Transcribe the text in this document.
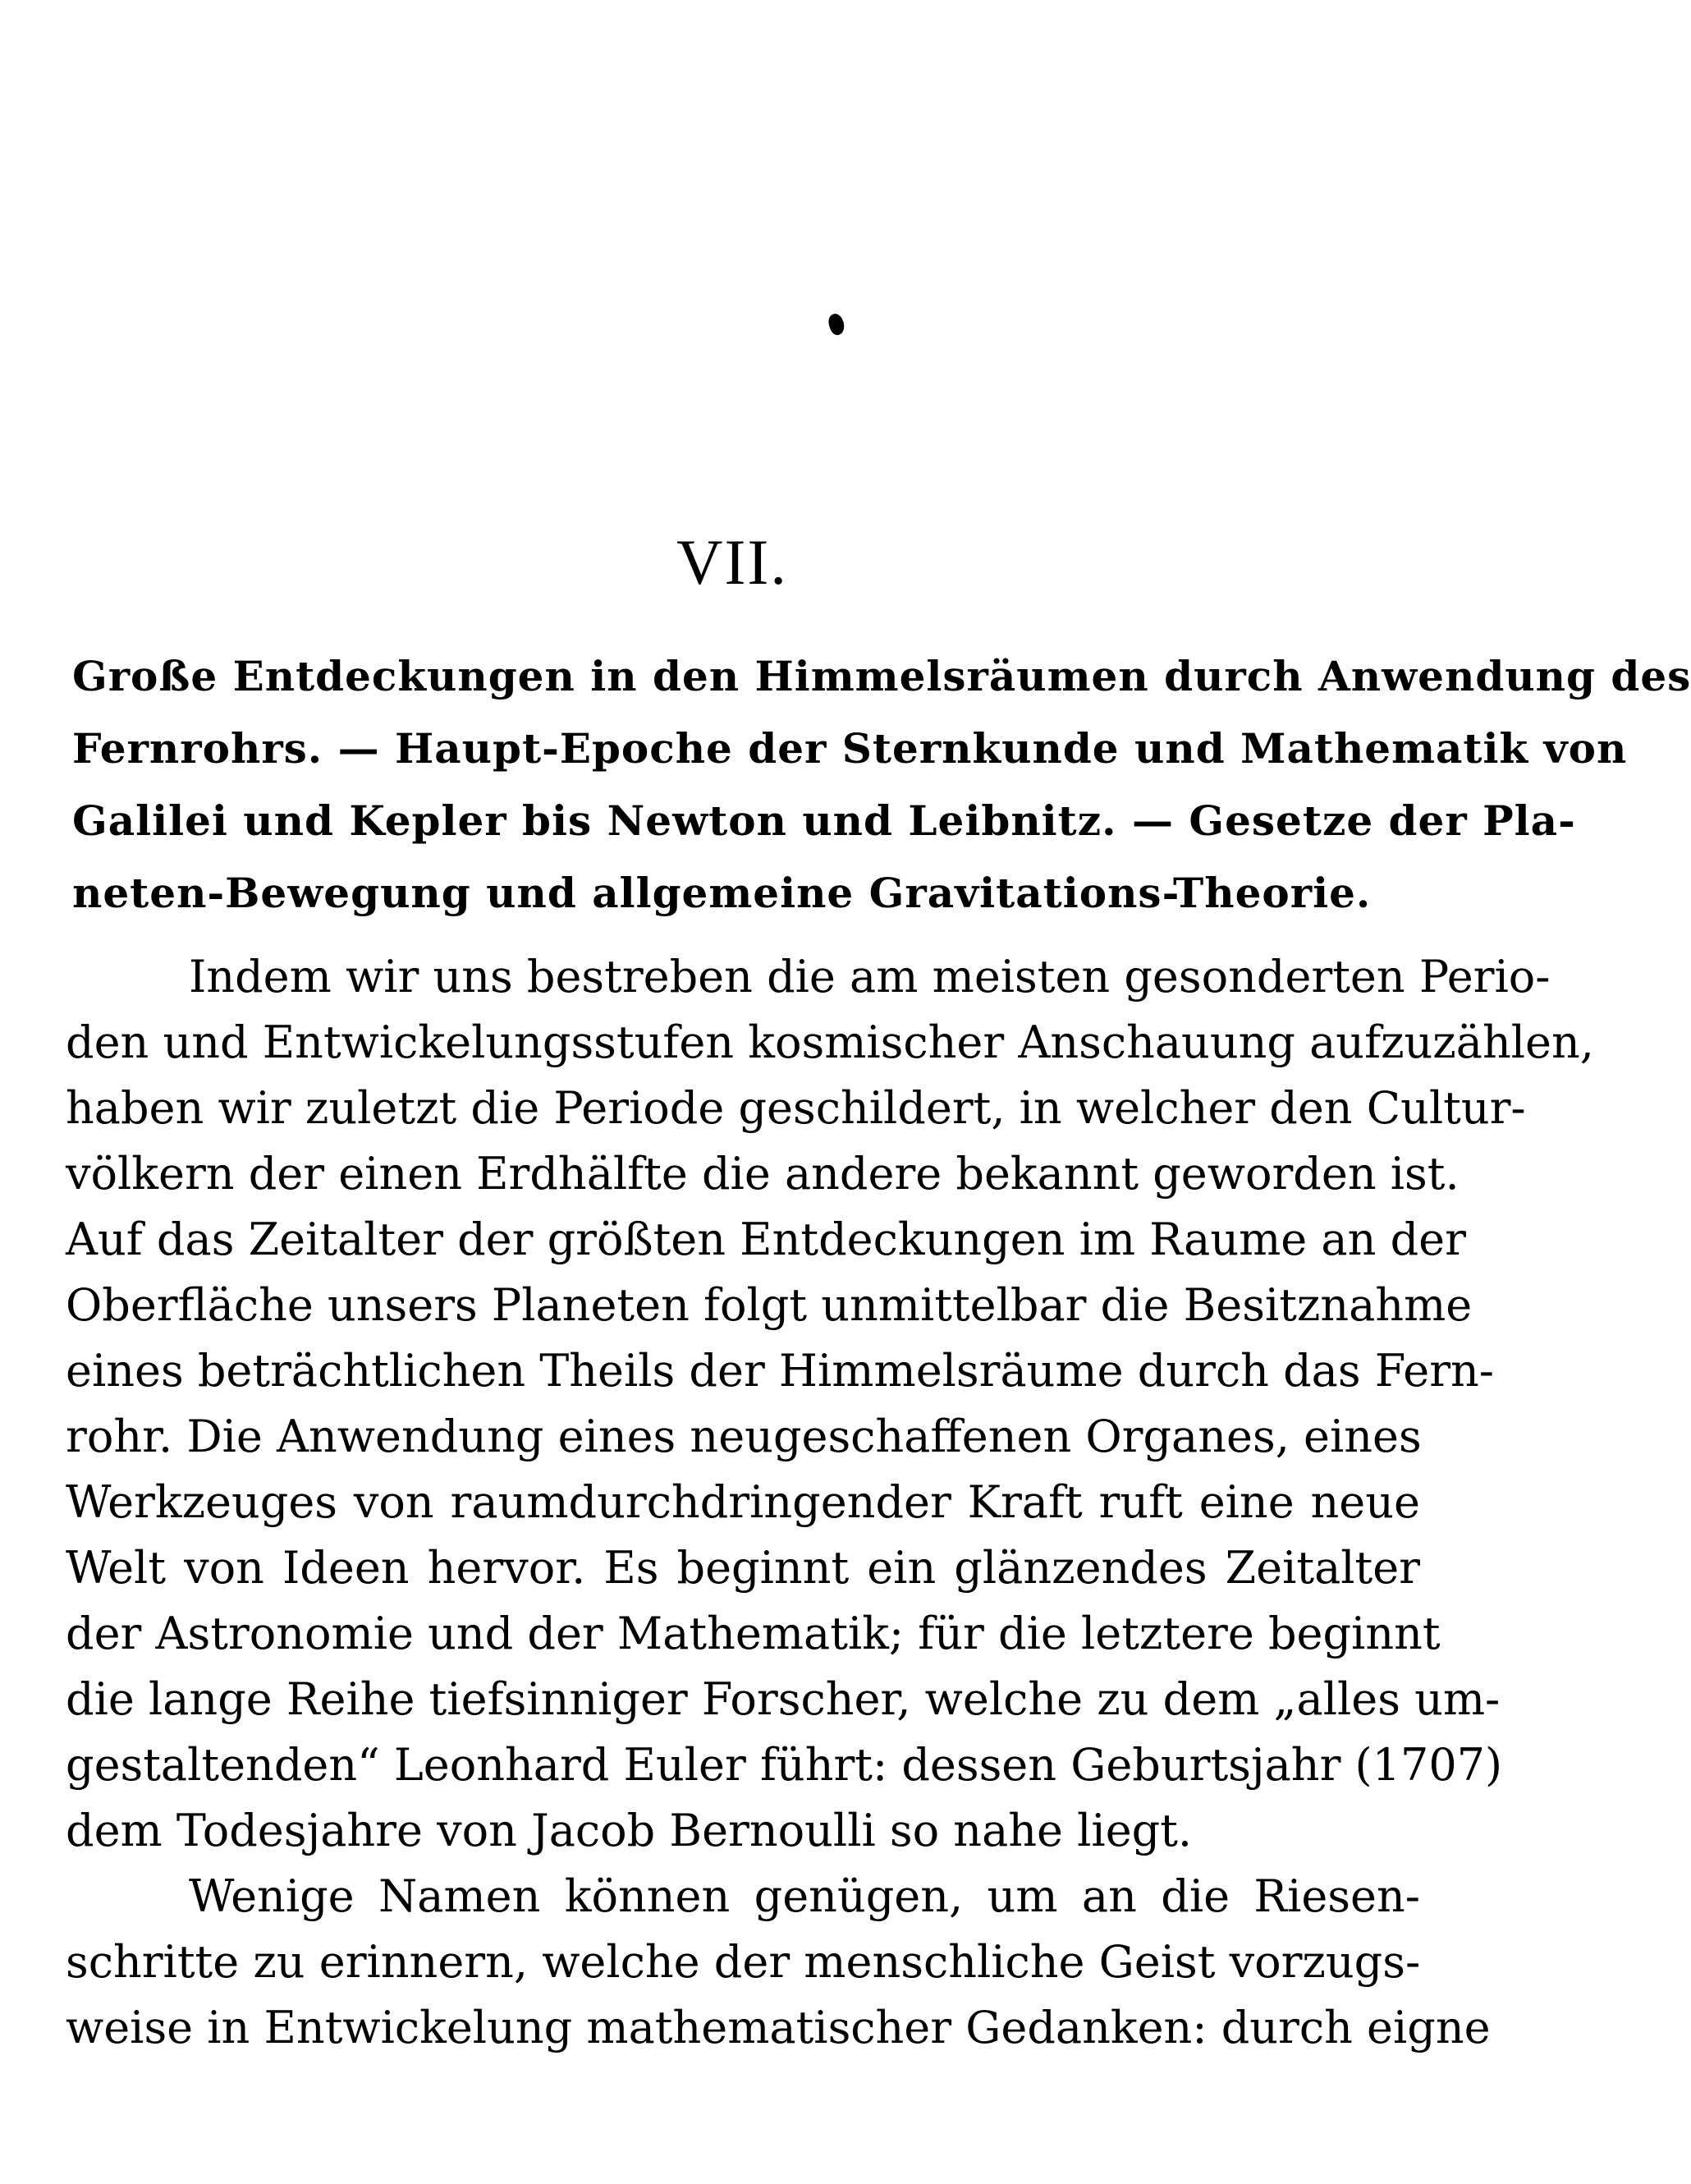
VII.
Große Entdeckungen in den Himmelsräumen durch Anwendung des
Fernrohrs. — Haupt-Epoche der Sternkunde und Mathematik von
Galilei und Kepler bis Newton und Leibnitz. — Gesetze der Pla-
neten-Bewegung und allgemeine Gravitations-Theorie.
Indem wir uns bestreben die am meisten gesonderten Perio-
den und Entwickelungsstufen kosmischer Anschauung aufzuzählen,
haben wir zuletzt die Periode geschildert, in welcher den Cultur-
völkern der einen Erdhälfte die andere bekannt geworden ist.
Auf das Zeitalter der größten Entdeckungen im Raume an der
Oberfläche unsers Planeten folgt unmittelbar die Besitznahme
eines beträchtlichen Theils der Himmelsräume durch das Fern-
rohr. Die Anwendung eines neugeschaffenen Organes, eines
Werkzeuges von raumdurchdringender Kraft ruft eine neue
Welt von Ideen hervor. Es beginnt ein glänzendes Zeitalter
der Astronomie und der Mathematik; für die letztere beginnt
die lange Reihe tiefsinniger Forscher, welche zu dem „alles um-
gestaltenden“ Leonhard Euler führt: dessen Geburtsjahr (1707)
dem Todesjahre von Jacob Bernoulli so nahe liegt.
Wenige Namen können genügen, um an die Riesen-
schritte zu erinnern, welche der menschliche Geist vorzugs-
weise in Entwickelung mathematischer Gedanken: durch eigne
